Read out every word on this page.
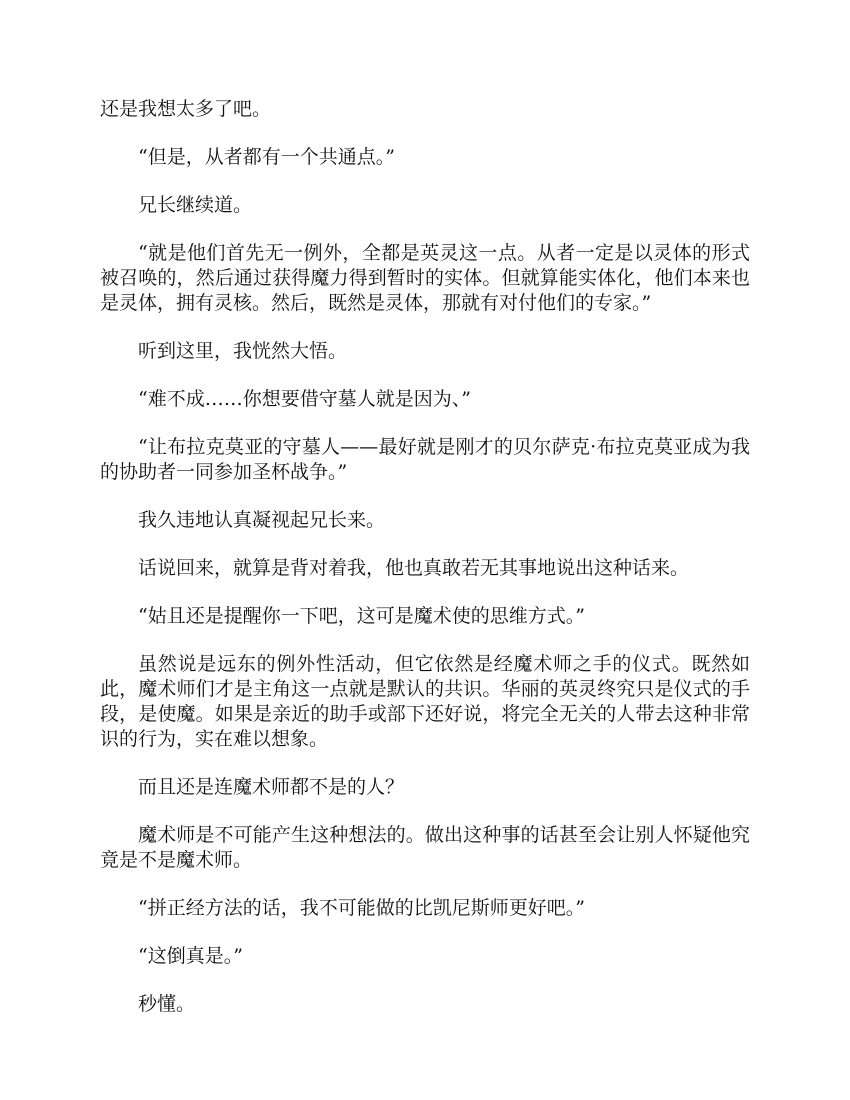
还是我想太多了吧。

“但是，从者都有一个共通点。”

兄长继续道。

“就是他们首先无一例外，全都是英灵这一点。从者一定是以灵体的形式被召唤的，然后通过获得魔力得到暂时的实体。但就算能实体化，他们本来也是灵体，拥有灵核。然后，既然是灵体，那就有对付他们的专家。”

听到这里，我恍然大悟。

“难不成……你想要借守墓人就是因为、”

“让布拉克莫亚的守墓人——最好就是刚才的贝尔萨克·布拉克莫亚成为我的协助者一同参加圣杯战争。”

我久违地认真凝视起兄长来。

话说回来，就算是背对着我，他也真敢若无其事地说出这种话来。

“姑且还是提醒你一下吧，这可是魔术使的思维方式。”

虽然说是远东的例外性活动，但它依然是经魔术师之手的仪式。既然如此，魔术师们才是主角这一点就是默认的共识。华丽的英灵终究只是仪式的手段，是使魔。如果是亲近的助手或部下还好说，将完全无关的人带去这种非常识的行为，实在难以想象。

而且还是连魔术师都不是的人？

魔术师是不可能产生这种想法的。做出这种事的话甚至会让别人怀疑他究竟是不是魔术师。

“拼正经方法的话，我不可能做的比凯尼斯师更好吧。”

“这倒真是。”

秒懂。
